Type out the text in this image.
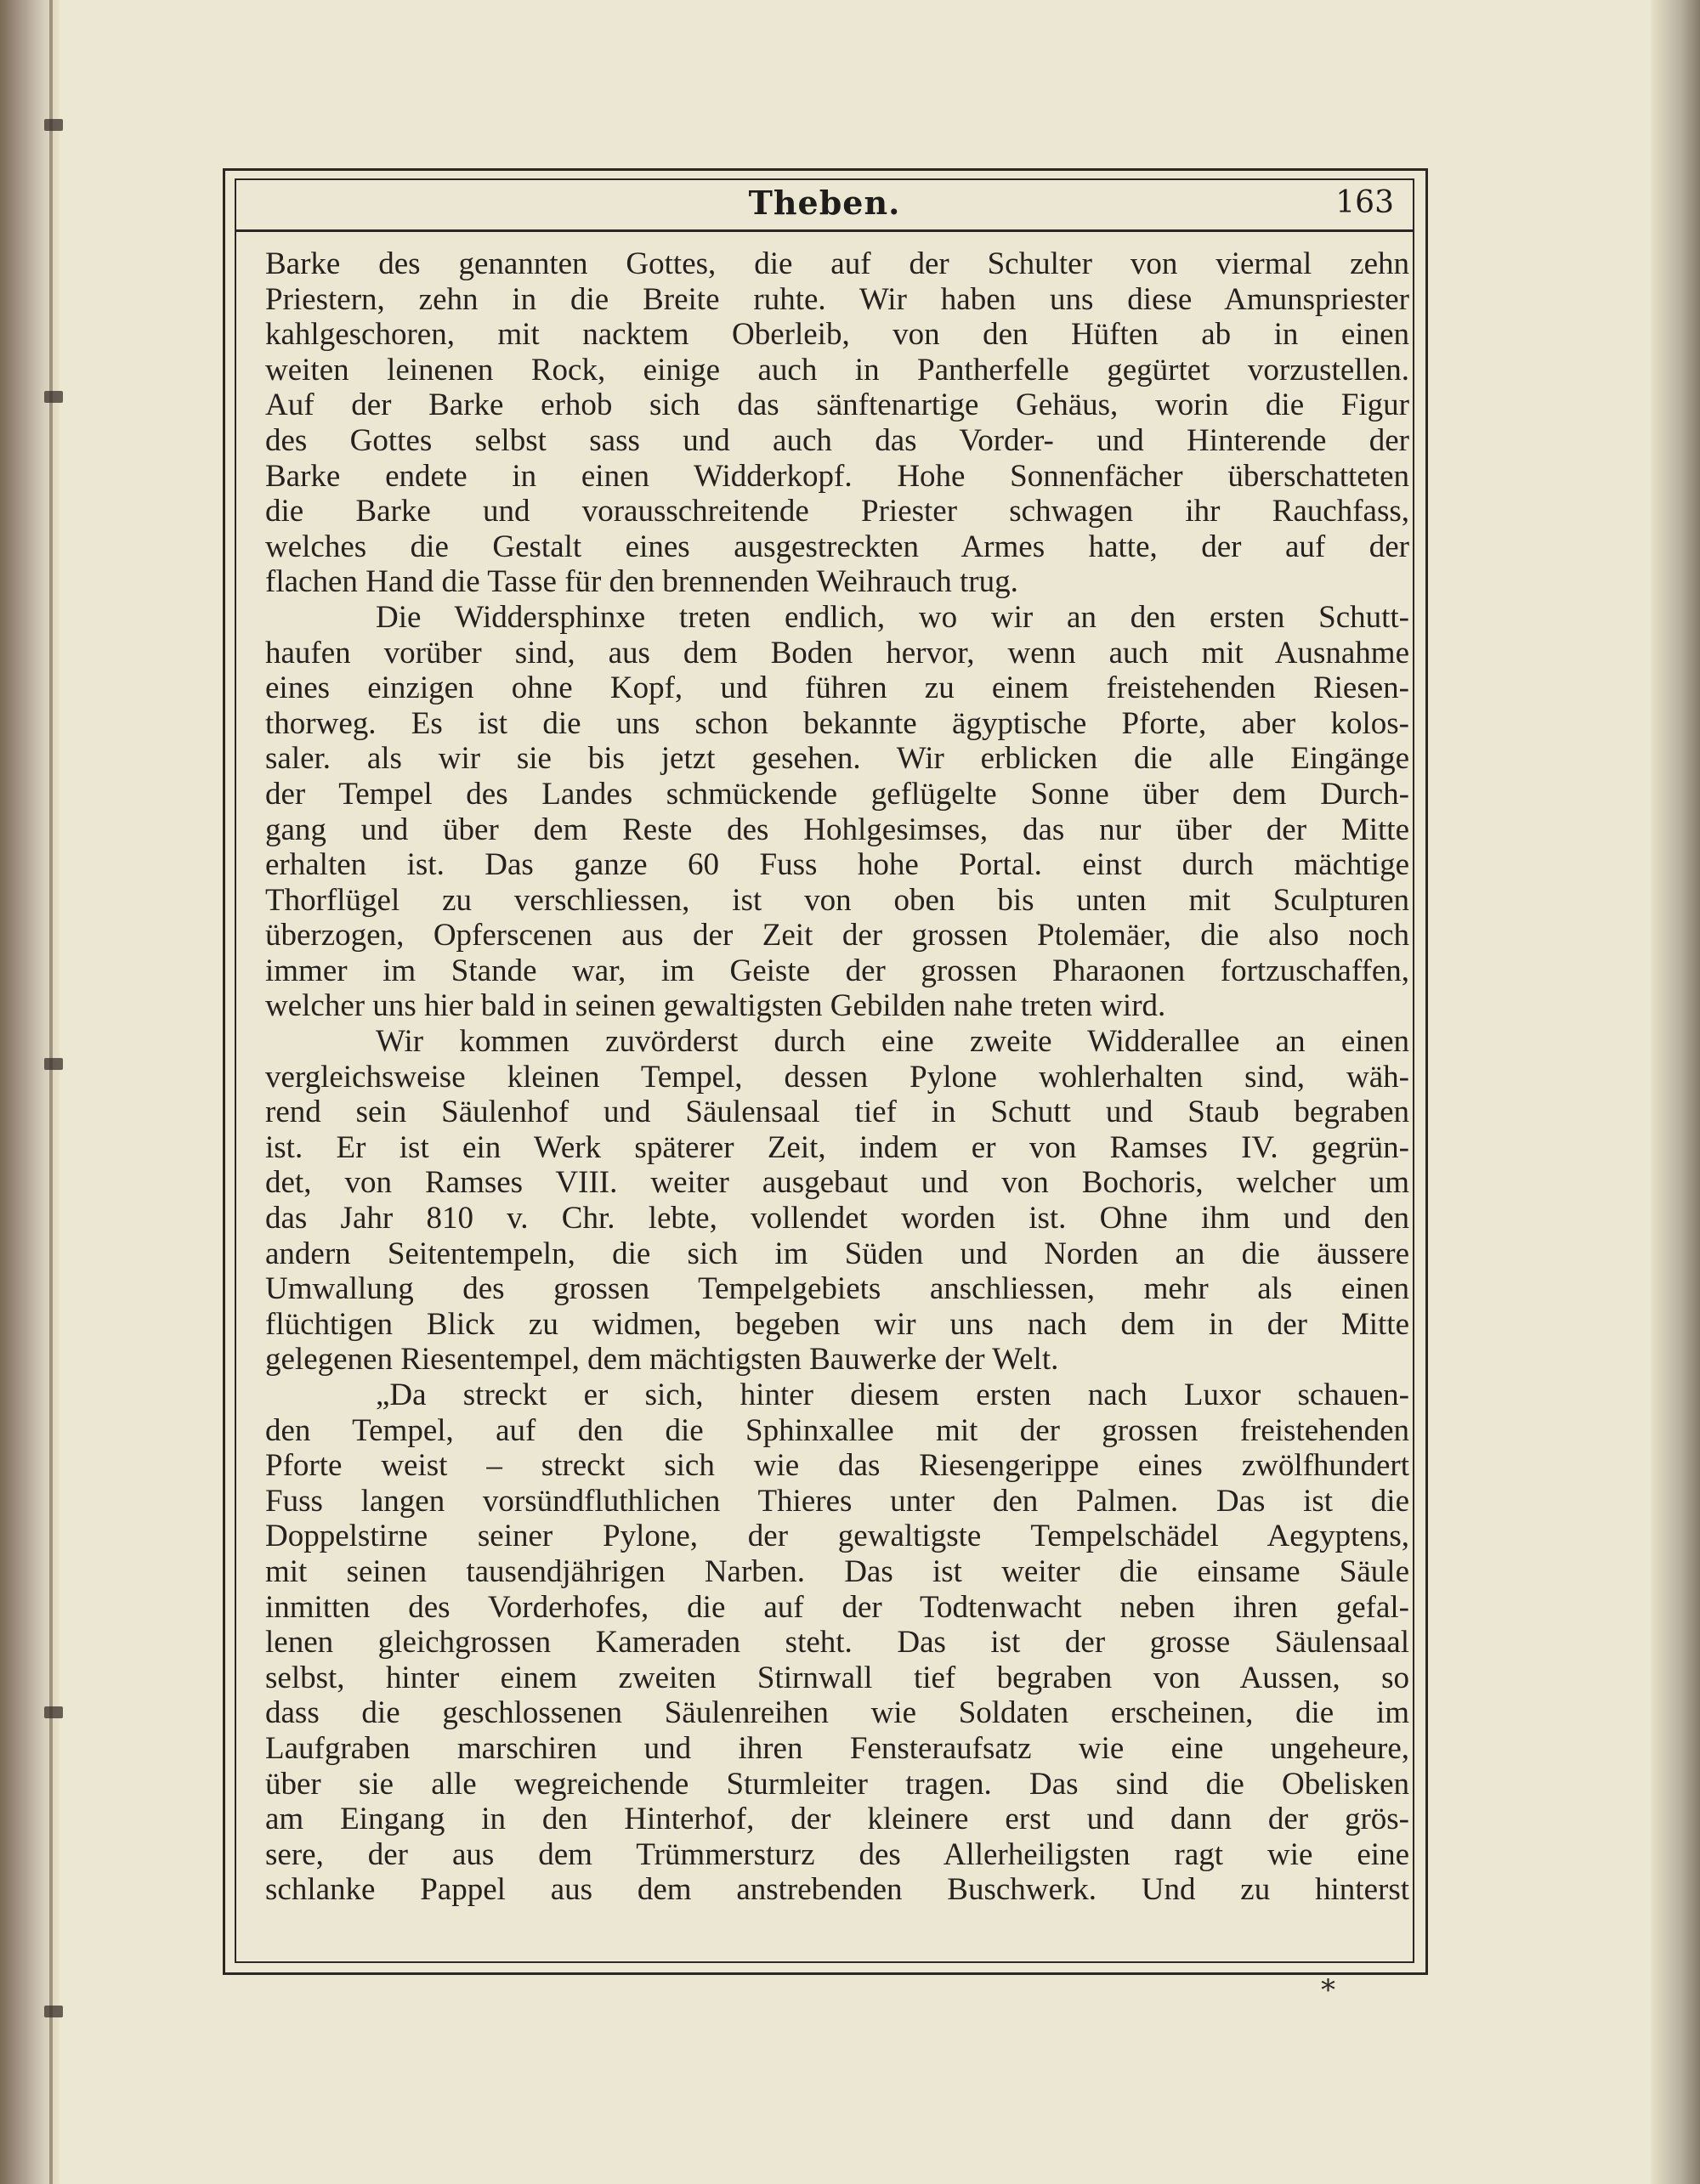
Theben.	163
Barke des genannten Gottes, die auf der Schulter von viermal zehn
Priestern, zehn in die Breite ruhte. Wir haben uns diese Amunspriester
kahlgeschoren, mit nacktem Oberleib, von den Hüften ab in einen
weiten leinenen Rock, einige auch in Pantherfelle gegürtet vorzustellen.
Auf der Barke erhob sich das sänftenartige Gehäus, worin die Figur
des Gottes selbst sass und auch das Vorder- und Hinterende der
Barke endete in einen Widderkopf. Hohe Sonnenfächer überschatteten
die Barke und vorausschreitende Priester schwagen ihr Rauchfass,
welches die Gestalt eines ausgestreckten Armes hatte, der auf der
flachen Hand die Tasse für den brennenden Weihrauch trug.
Die Widdersphinxe treten endlich, wo wir an den ersten Schutt-
haufen vorüber sind, aus dem Boden hervor, wenn auch mit Ausnahme
eines einzigen ohne Kopf, und führen zu einem freistehenden Riesen-
thorweg. Es ist die uns schon bekannte ägyptische Pforte, aber kolos-
saler. als wir sie bis jetzt gesehen. Wir erblicken die alle Eingänge
der Tempel des Landes schmückende geflügelte Sonne über dem Durch-
gang und über dem Reste des Hohlgesimses, das nur über der Mitte
erhalten ist. Das ganze 60 Fuss hohe Portal. einst durch mächtige
Thorflügel zu verschliessen, ist von oben bis unten mit Sculpturen
überzogen, Opferscenen aus der Zeit der grossen Ptolemäer, die also noch
immer im Stande war, im Geiste der grossen Pharaonen fortzuschaffen,
welcher uns hier bald in seinen gewaltigsten Gebilden nahe treten wird.
Wir kommen zuvörderst durch eine zweite Widderallee an einen
vergleichsweise kleinen Tempel, dessen Pylone wohlerhalten sind, wäh-
rend sein Säulenhof und Säulensaal tief in Schutt und Staub begraben
ist. Er ist ein Werk späterer Zeit, indem er von Ramses IV. gegrün-
det, von Ramses VIII. weiter ausgebaut und von Bochoris, welcher um
das Jahr 810 v. Chr. lebte, vollendet worden ist. Ohne ihm und den
andern Seitentempeln, die sich im Süden und Norden an die äussere
Umwallung des grossen Tempelgebiets anschliessen, mehr als einen
flüchtigen Blick zu widmen, begeben wir uns nach dem in der Mitte
gelegenen Riesentempel, dem mächtigsten Bauwerke der Welt.
„Da streckt er sich, hinter diesem ersten nach Luxor schauen-
den Tempel, auf den die Sphinxallee mit der grossen freistehenden
Pforte weist – streckt sich wie das Riesengerippe eines zwölfhundert
Fuss langen vorsündfluthlichen Thieres unter den Palmen. Das ist die
Doppelstirne seiner Pylone, der gewaltigste Tempelschädel Aegyptens,
mit seinen tausendjährigen Narben. Das ist weiter die einsame Säule
inmitten des Vorderhofes, die auf der Todtenwacht neben ihren gefal-
lenen gleichgrossen Kameraden steht. Das ist der grosse Säulensaal
selbst, hinter einem zweiten Stirnwall tief begraben von Aussen, so
dass die geschlossenen Säulenreihen wie Soldaten erscheinen, die im
Laufgraben marschiren und ihren Fensteraufsatz wie eine ungeheure,
über sie alle wegreichende Sturmleiter tragen. Das sind die Obelisken
am Eingang in den Hinterhof, der kleinere erst und dann der grös-
sere, der aus dem Trümmersturz des Allerheiligsten ragt wie eine
schlanke Pappel aus dem anstrebenden Buschwerk. Und zu hinterst
*
